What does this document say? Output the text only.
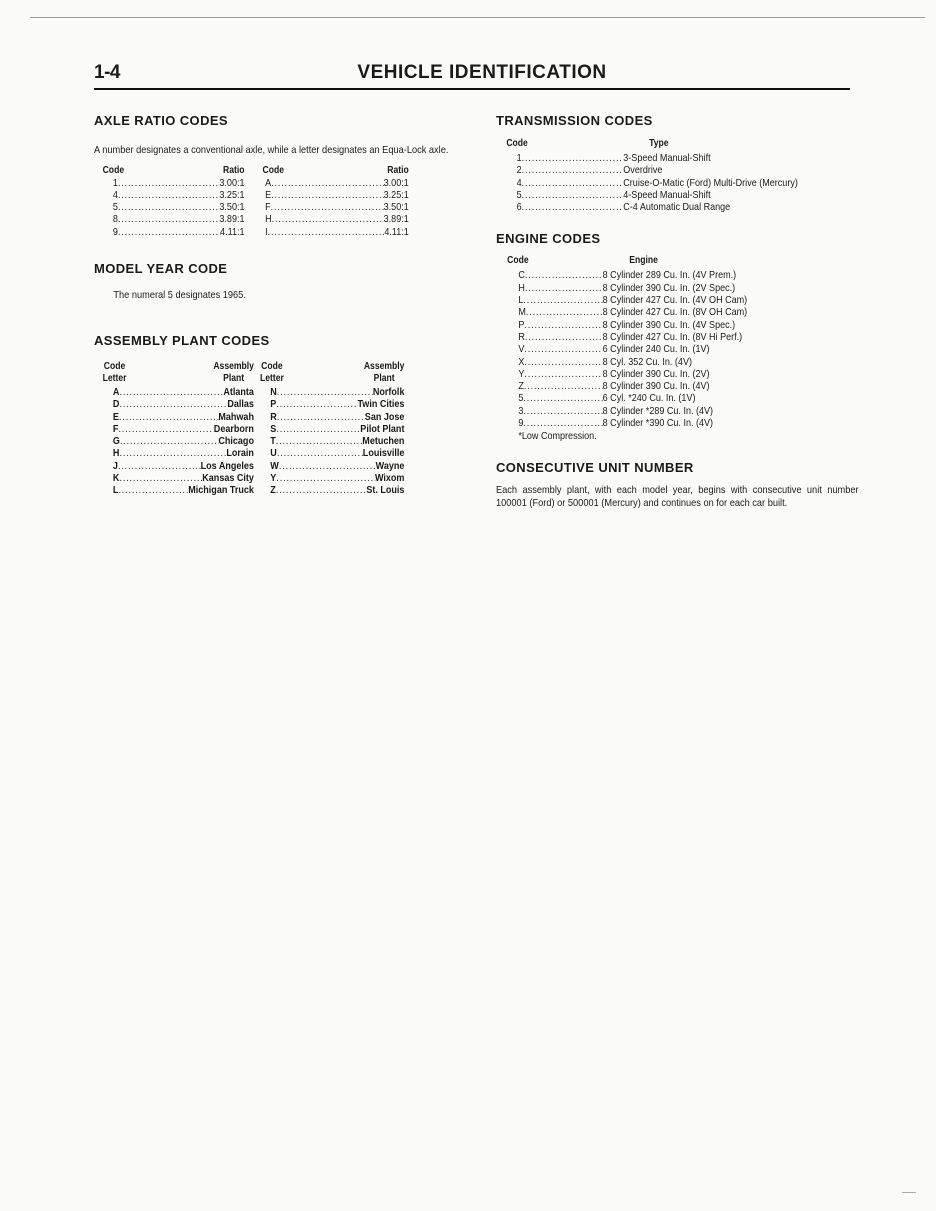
1-4	VEHICLE IDENTIFICATION
AXLE RATIO CODES
A number designates a conventional axle, while a letter designates an Equa-Lock axle.
Code	Ratio
1 .....	3.00:1
4 .....	3.25:1
5 .....	3.50:1
8 .....	3.89:1
9 .....	4.11:1
Code	Ratio
A .....	3.00:1
E .....	3.25:1
F .....	3.50:1
H .....	3.89:1
I .....	4.11:1
MODEL YEAR CODE
The numeral 5 designates 1965.
ASSEMBLY PLANT CODES
Code
Letter
Assembly
Plant
A .....	Atlanta
D .....	Dallas
E .....	Mahwah
F .....	Dearborn
G .....	Chicago
H .....	Lorain
J .....	Los Angeles
K .....	Kansas City
L .....	Michigan Truck
Code
Letter
Assembly
Plant
N .....	Norfolk
P .....	Twin Cities
R .....	San Jose
S .....	Pilot Plant
T .....	Metuchen
U .....	Louisville
W .....	Wayne
Y .....	Wixom
Z .....	St. Louis
TRANSMISSION CODES
Code	Type
1 .....	3-Speed Manual-Shift
2 .....	Overdrive
4 .....	Cruise-O-Matic (Ford) Multi-Drive (Mercury)
5 .....	4-Speed Manual-Shift
6 .....	C-4 Automatic Dual Range
ENGINE CODES
Code	Engine
C .....	8 Cylinder 289 Cu. In. (4V Prem.)
H .....	8 Cylinder 390 Cu. In. (2V Spec.)
L .....	8 Cylinder 427 Cu. In. (4V OH Cam)
M .....	8 Cylinder 427 Cu. In. (8V OH Cam)
P .....	8 Cylinder 390 Cu. In. (4V Spec.)
R .....	8 Cylinder 427 Cu. In. (8V Hi Perf.)
V .....	6 Cylinder 240 Cu. In. (1V)
X .....	8 Cyl. 352 Cu. In. (4V)
Y .....	8 Cylinder 390 Cu. In. (2V)
Z .....	8 Cylinder 390 Cu. In. (4V)
5 .....	6 Cyl. *240 Cu. In. (1V)
3 .....	8 Cylinder *289 Cu. In. (4V)
9 .....	8 Cylinder *390 Cu. In. (4V)
*Low Compression.
CONSECUTIVE UNIT NUMBER
Each assembly plant, with each model year, begins with consecutive unit number 100001 (Ford) or 500001 (Mercury) and continues on for each car built.
